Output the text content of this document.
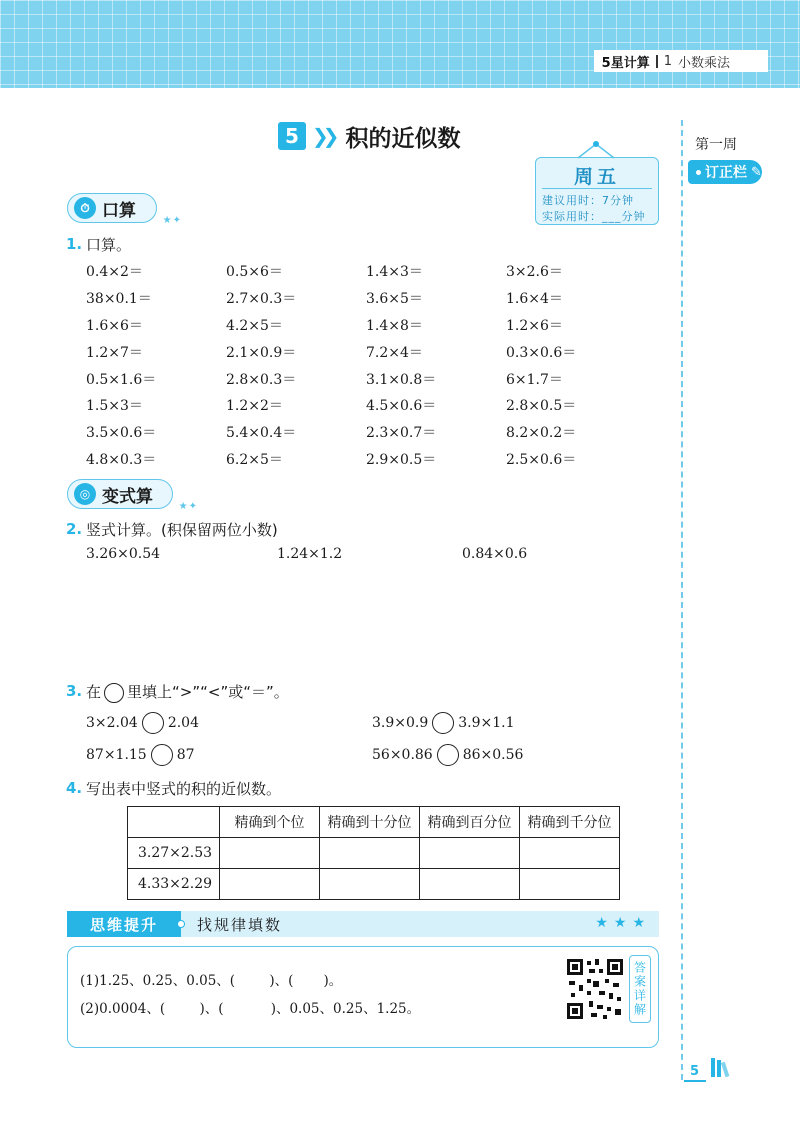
5星计算 1 小数乘法
第一周
订正栏 ✎
5 ❯❯ 积的近似数
周五
建议用时：7分钟
实际用时：___分钟
⏱ 口算	★✦
1. 口算。
0.4×2＝	0.5×6＝	1.4×3＝	3×2.6＝
38×0.1＝	2.7×0.3＝	3.6×5＝	1.6×4＝
1.6×6＝	4.2×5＝	1.4×8＝	1.2×6＝
1.2×7＝	2.1×0.9＝	7.2×4＝	0.3×0.6＝
0.5×1.6＝	2.8×0.3＝	3.1×0.8＝	6×1.7＝
1.5×3＝	1.2×2＝	4.5×0.6＝	2.8×0.5＝
3.5×0.6＝	5.4×0.4＝	2.3×0.7＝	8.2×0.2＝
4.8×0.3＝	6.2×5＝	2.9×0.5＝	2.5×0.6＝
◎ 变式算	★✦
2. 竖式计算。(积保留两位小数)
3.26×0.54	1.24×1.2	0.84×0.6
3. 在 里填上“>”“<”或“＝”。
3×2.04 2.04	3.9×0.9 3.9×1.1
87×1.15 87	56×0.86 86×0.56
4. 写出表中竖式的积的近似数。
	精确到个位	精确到十分位	精确到百分位	精确到千分位
3.27×2.53				
4.33×2.29				
思维提升	找规律填数	★★★
(1)1.25、0.25、0.05、(        )、(       )。
(2)0.0004、(        )、(           )、0.05、0.25、1.25。	答案详解
5
